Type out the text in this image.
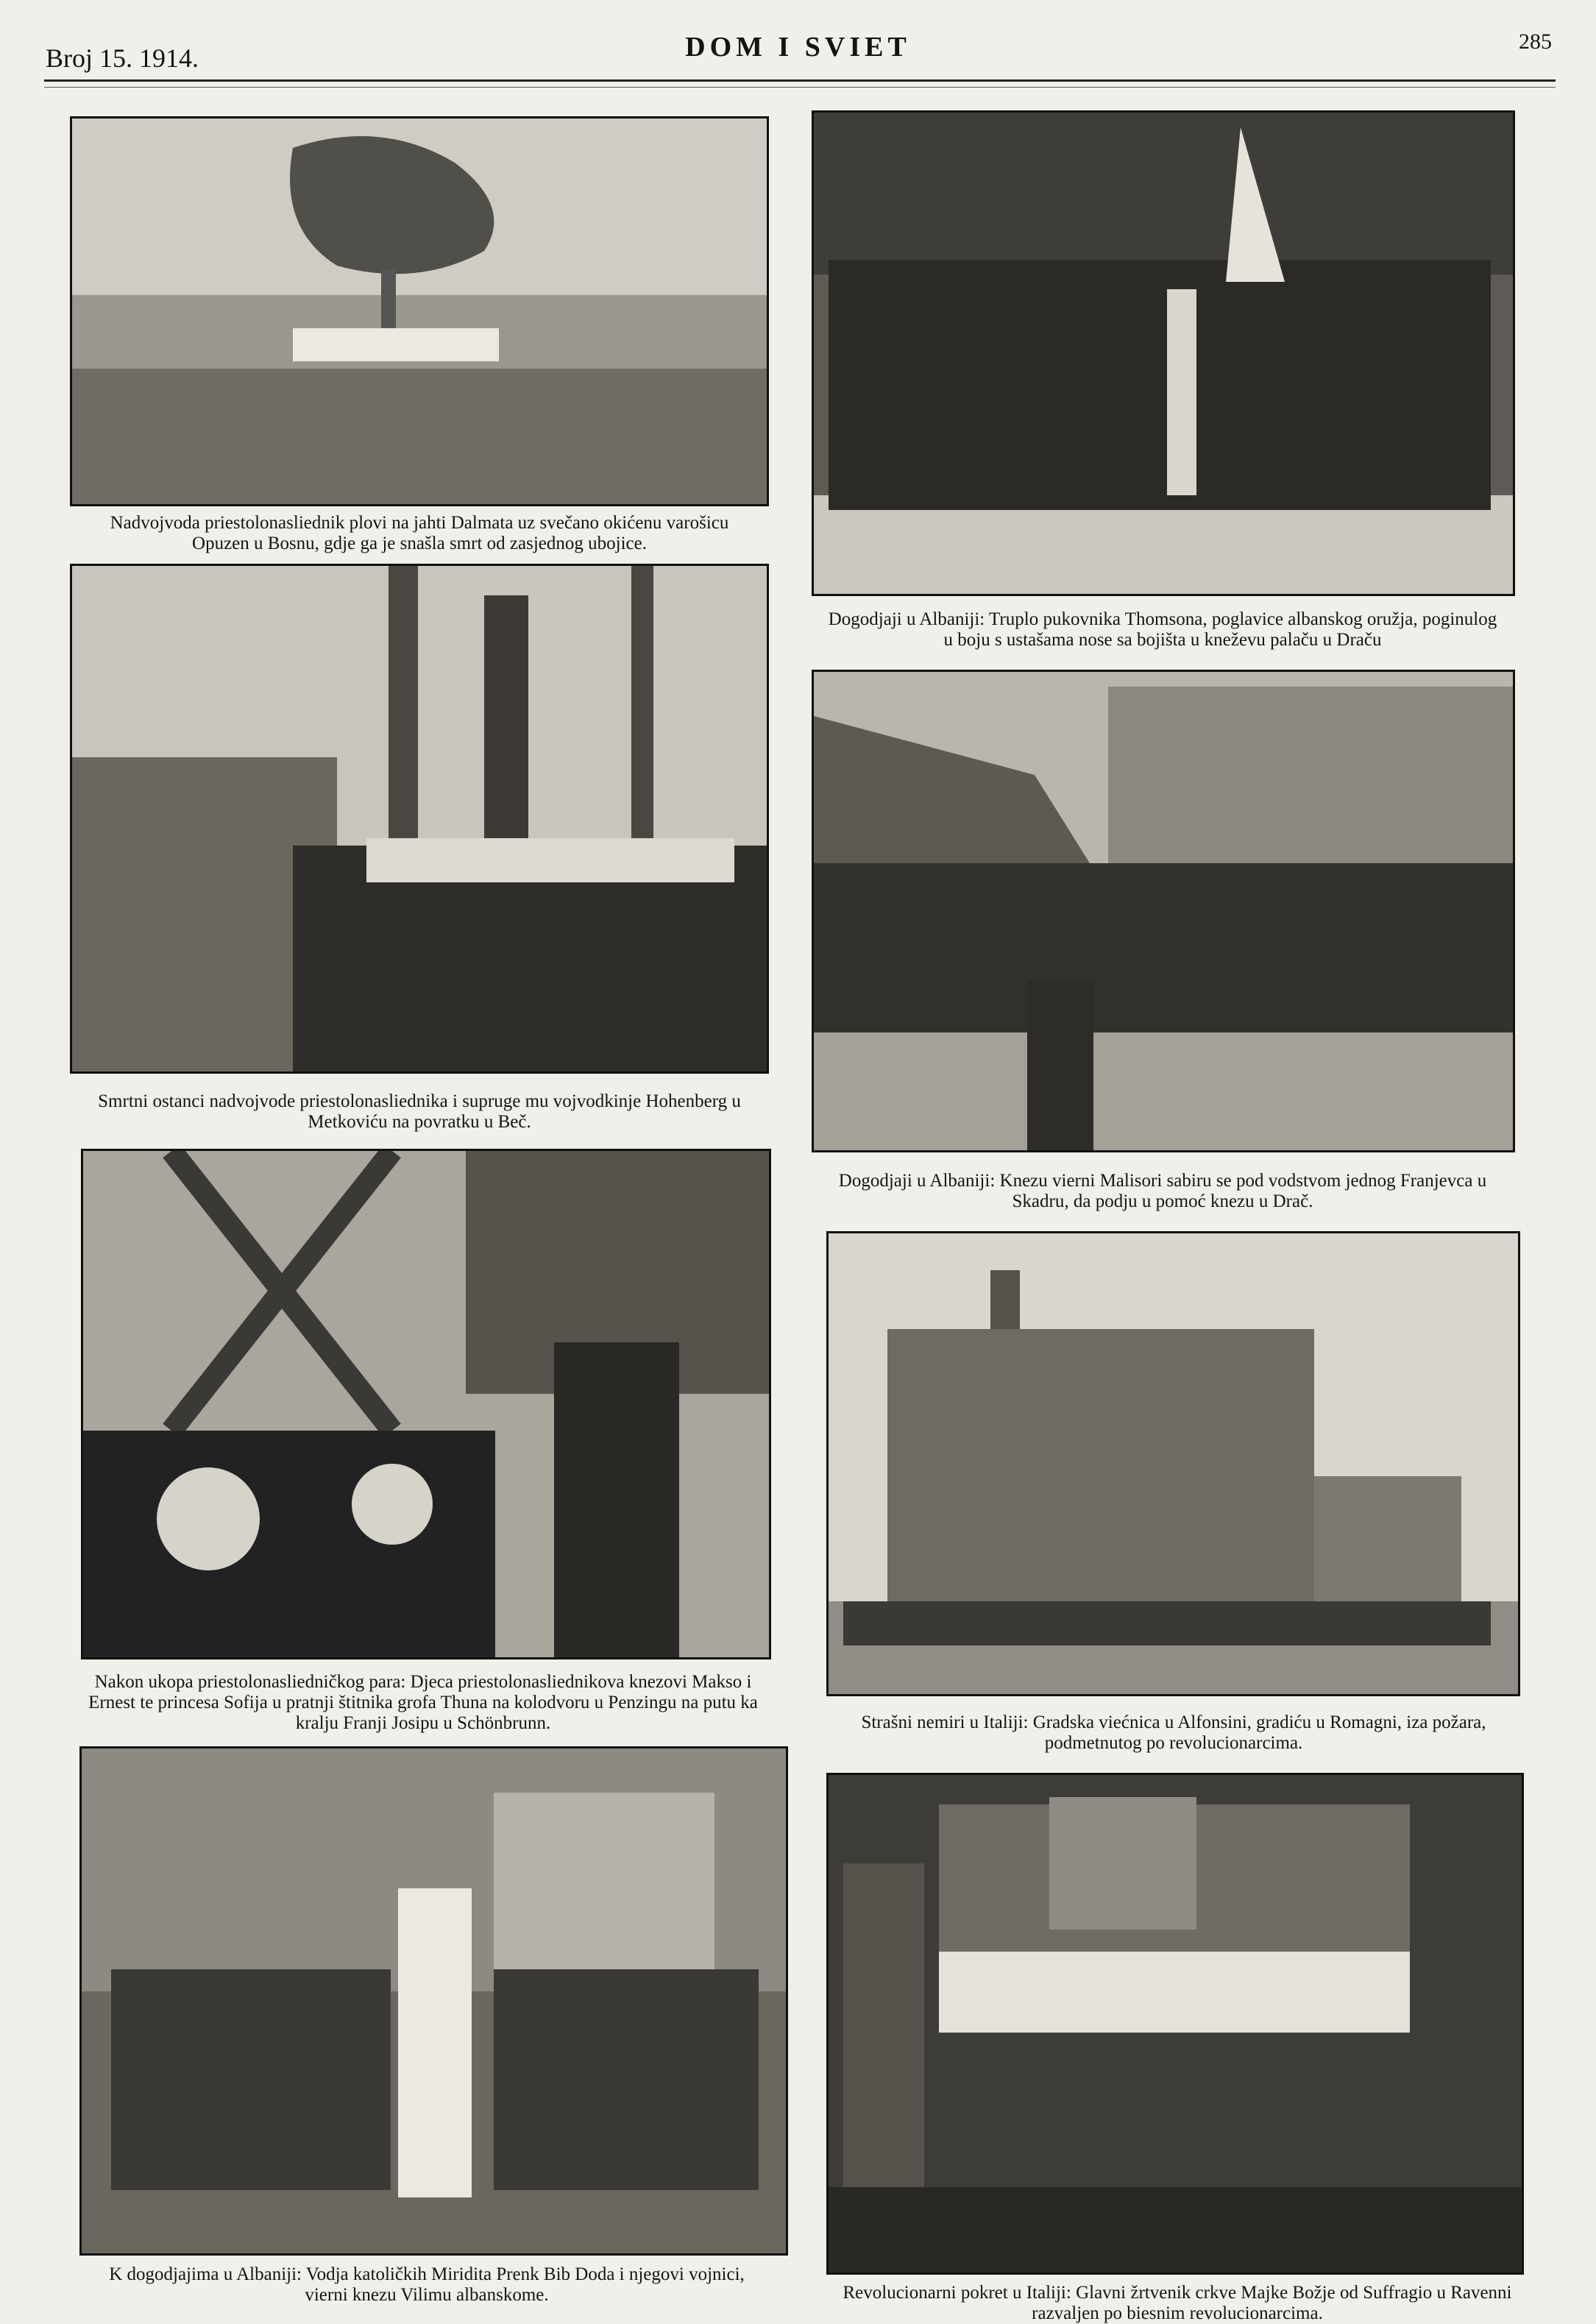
Broj 15. 1914.	DOM I SVIET	285
Nadvojvoda priestolonasliednik plovi na jahti Dalmata uz svečano okićenu varošicu Opuzen u Bosnu, gdje ga je snašla smrt od zasjednog ubojice.
Smrtni ostanci nadvojvode priestolonasliednika i supruge mu vojvodkinje Hohenberg u Metkoviću na povratku u Beč.
Nakon ukopa priestolonasliedničkog para: Djeca priestolonasliednikova knezovi Makso i Ernest te princesa Sofija u pratnji štitnika grofa Thuna na kolodvoru u Penzingu na putu ka kralju Franji Josipu u Schönbrunn.
K dogodjajima u Albaniji: Vodja katoličkih Miridita Prenk Bib Doda i njegovi vojnici, vierni knezu Vilimu albanskome.
Dogodjaji u Albaniji: Truplo pukovnika Thomsona, poglavice albanskog oružja, poginulog u boju s ustašama nose sa bojišta u kneževu palaču u Draču
Dogodjaji u Albaniji: Knezu vierni Malisori sabiru se pod vodstvom jednog Franjevca u Skadru, da podju u pomoć knezu u Drač.
Strašni nemiri u Italiji: Gradska viećnica u Alfonsini, gradiću u Romagni, iza požara, podmetnutog po revolucionarcima.
Revolucionarni pokret u Italiji: Glavni žrtvenik crkve Majke Božje od Suffragio u Ravenni razvaljen po biesnim revolucionarcima.
